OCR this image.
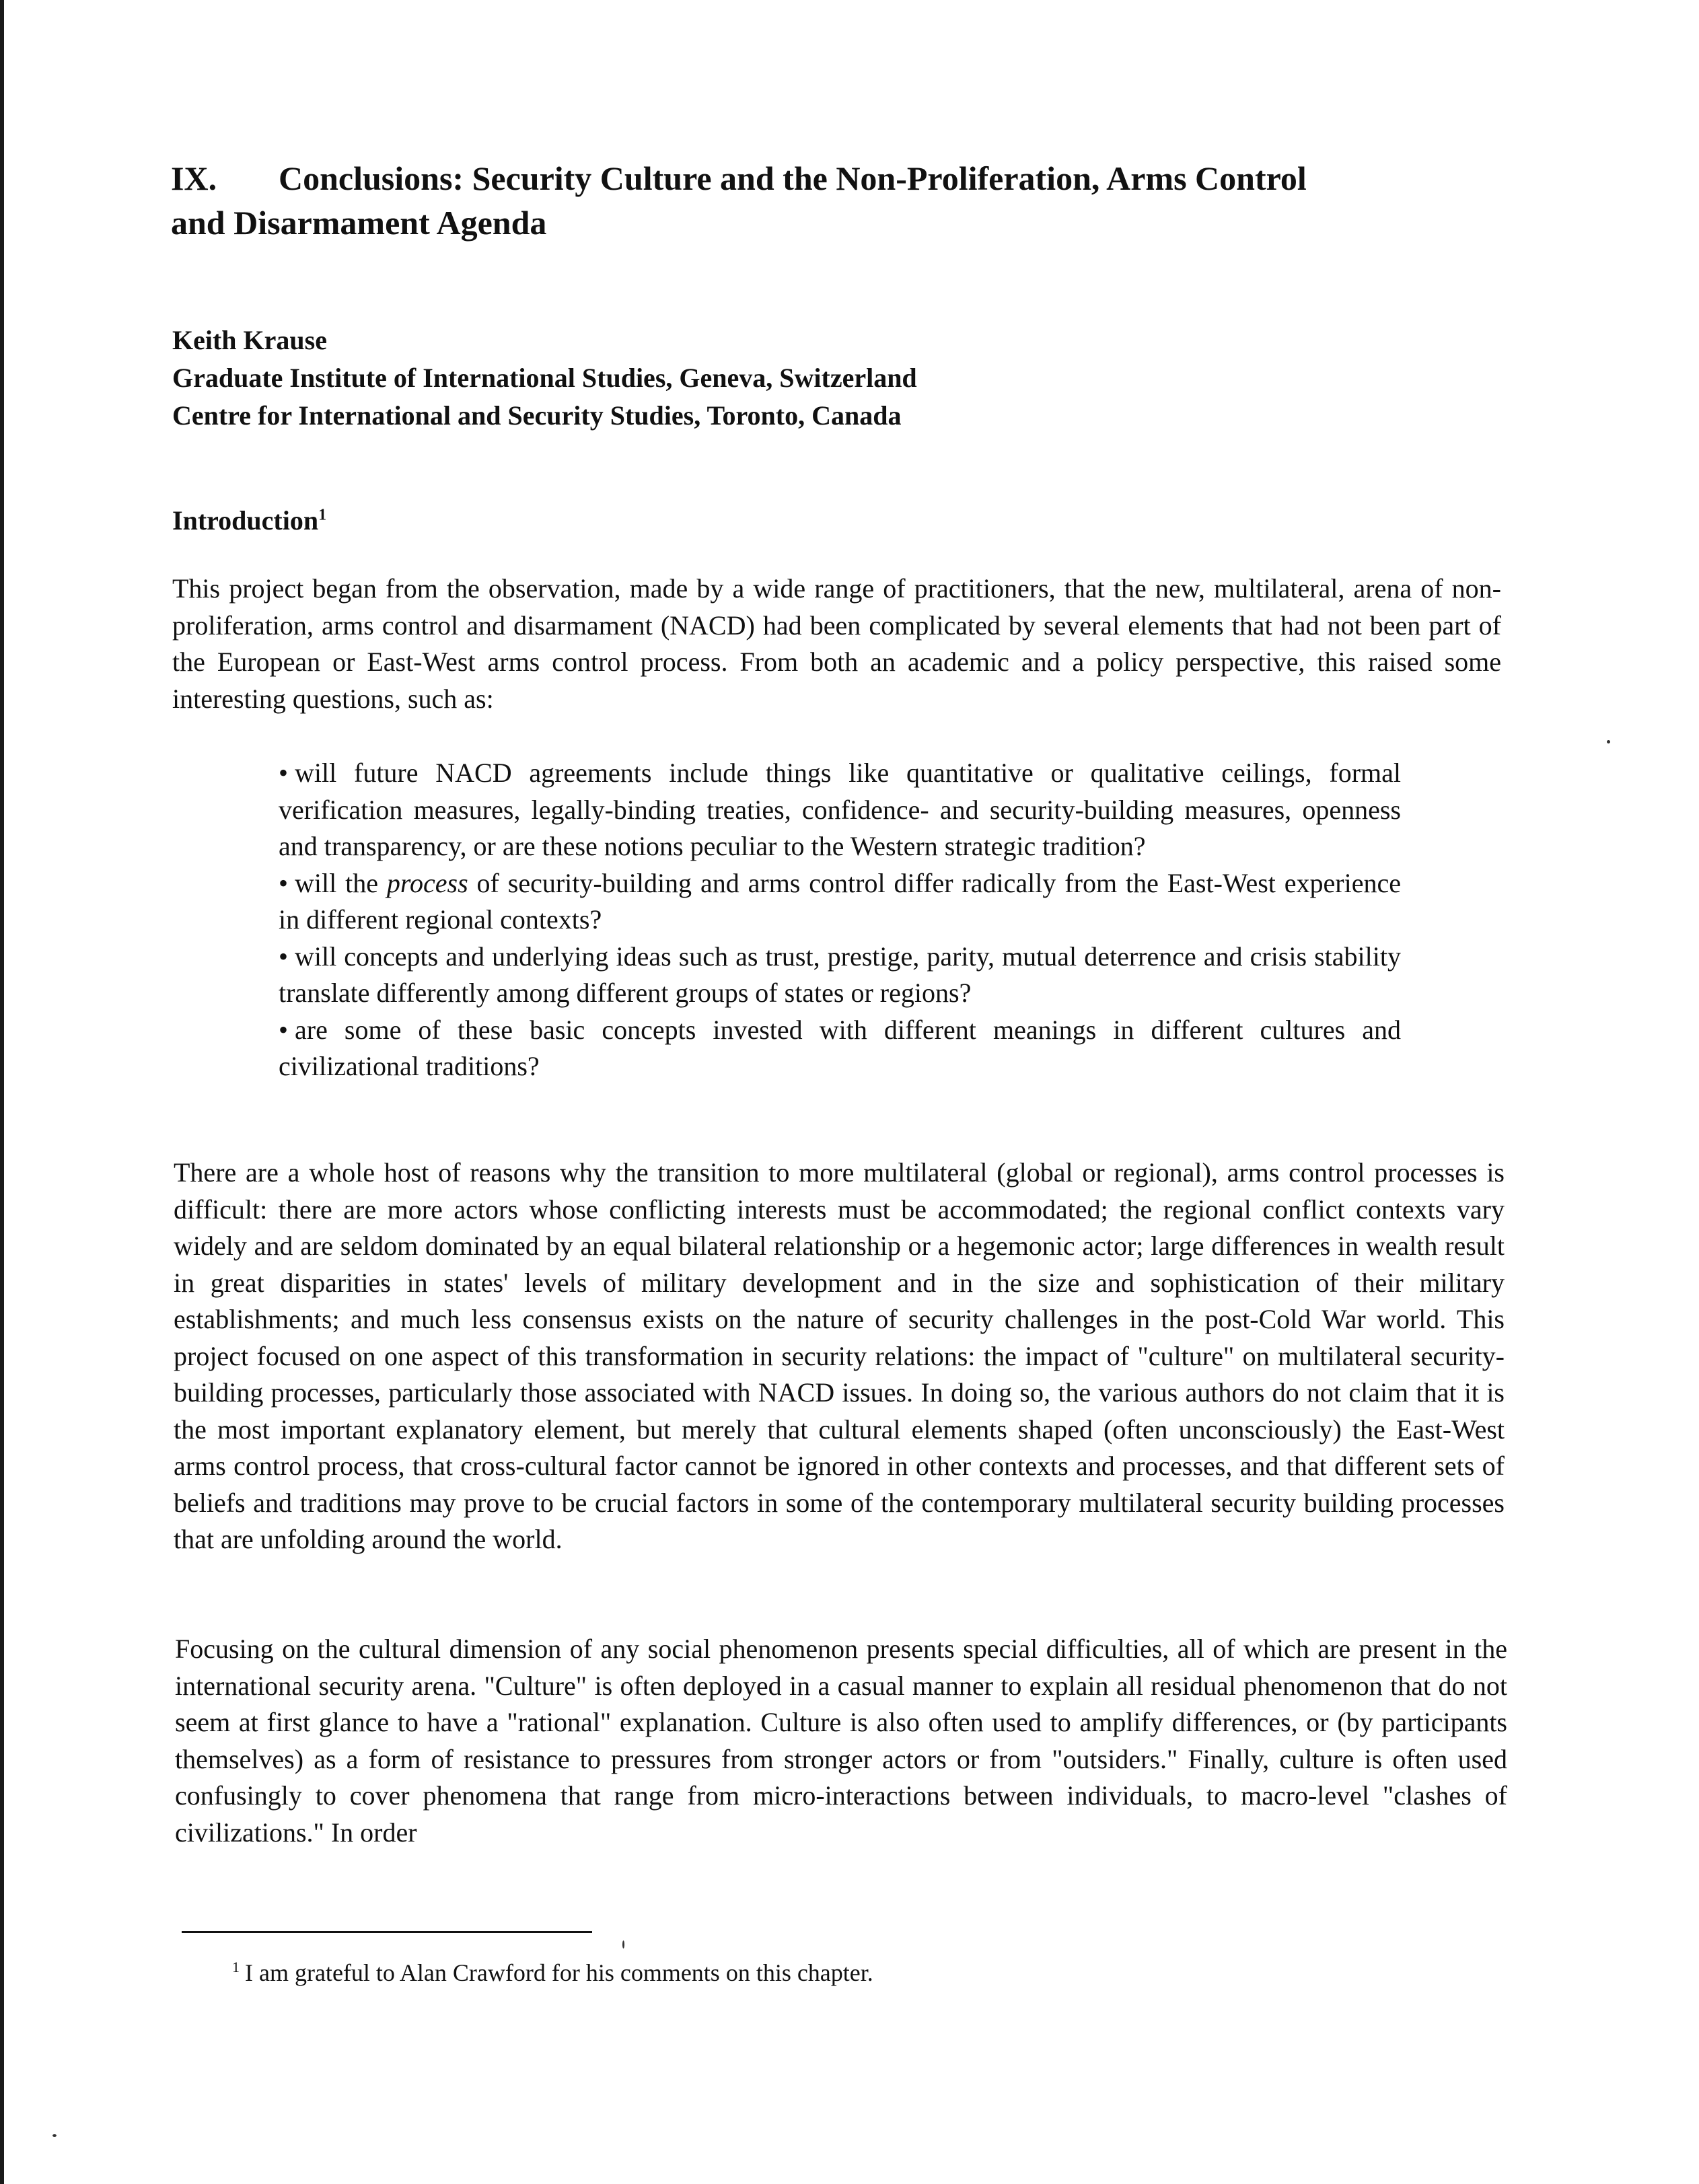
IX. Conclusions: Security Culture and the Non-Proliferation, Arms Control
and Disarmament Agenda
Keith Krause
Graduate Institute of International Studies, Geneva, Switzerland
Centre for International and Security Studies, Toronto, Canada
Introduction$^1$

This project began from the observation, made by a wide range of practitioners, that the new, multilateral, arena of non-proliferation, arms control and disarmament (NACD) had been complicated by several elements that had not been part of the European or East-West arms control process. From both an academic and a policy perspective, this raised some interesting questions, such as:

• will future NACD agreements include things like quantitative or qualitative ceilings, formal verification measures, legally-binding treaties, confidence- and security-building measures, openness and transparency, or are these notions peculiar to the Western strategic tradition?

• will the process of security-building and arms control differ radically from the East-West experience in different regional contexts?

• will concepts and underlying ideas such as trust, prestige, parity, mutual deterrence and crisis stability translate differently among different groups of states or regions?

• are some of these basic concepts invested with different meanings in different cultures and civilizational traditions?

There are a whole host of reasons why the transition to more multilateral (global or regional), arms control processes is difficult: there are more actors whose conflicting interests must be accommodated; the regional conflict contexts vary widely and are seldom dominated by an equal bilateral relationship or a hegemonic actor; large differences in wealth result in great disparities in states' levels of military development and in the size and sophistication of their military establishments; and much less consensus exists on the nature of security challenges in the post-Cold War world. This project focused on one aspect of this transformation in security relations: the impact of "culture" on multilateral security-building processes, particularly those associated with NACD issues. In doing so, the various authors do not claim that it is the most important explanatory element, but merely that cultural elements shaped (often unconsciously) the East-West arms control process, that cross-cultural factor cannot be ignored in other contexts and processes, and that different sets of beliefs and traditions may prove to be crucial factors in some of the contemporary multilateral security building processes that are unfolding around the world.

Focusing on the cultural dimension of any social phenomenon presents special difficulties, all of which are present in the international security arena. "Culture" is often deployed in a casual manner to explain all residual phenomenon that do not seem at first glance to have a "rational" explanation. Culture is also often used to amplify differences, or (by participants themselves) as a form of resistance to pressures from stronger actors or from "outsiders." Finally, culture is often used confusingly to cover phenomena that range from micro-interactions between individuals, to macro-level "clashes of civilizations." In order

$^1$ I am grateful to Alan Crawford for his comments on this chapter.
